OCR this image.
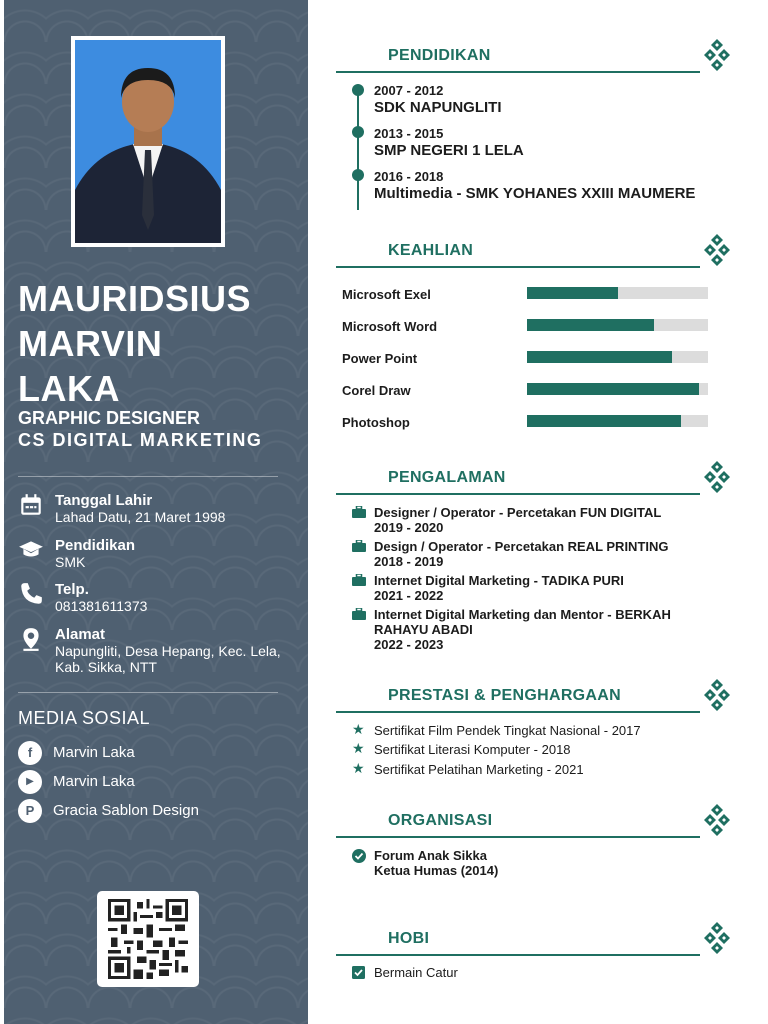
MAURIDSIUS
MARVIN
LAKA
GRAPHIC DESIGNER
CS DIGITAL MARKETING
Tanggal Lahir
Lahad Datu, 21 Maret 1998
Pendidikan
SMK
Telp.
081381611373
Alamat
Napungliti, Desa Hepang, Kec. Lela, Kab. Sikka, NTT
MEDIA SOSIAL
f	Marvin Laka
▶	Marvin Laka
P	Gracia Sablon Design
PENDIDIKAN
2007 - 2012
SDK NAPUNGLITI
2013 - 2015
SMP NEGERI 1 LELA
2016 - 2018
Multimedia - SMK YOHANES XXIII MAUMERE
KEAHLIAN
Microsoft Exel
Microsoft Word
Power Point
Corel Draw
Photoshop
PENGALAMAN
Designer / Operator - Percetakan FUN DIGITAL
2019 - 2020
Design / Operator - Percetakan REAL PRINTING
2018 - 2019
Internet Digital Marketing - TADIKA PURI
2021 - 2022
Internet Digital Marketing dan Mentor - BERKAH RAHAYU ABADI
2022 - 2023
PRESTASI & PENGHARGAAN
★ Sertifikat Film Pendek Tingkat Nasional - 2017
★ Sertifikat Literasi Komputer - 2018
★ Sertifikat Pelatihan Marketing - 2021
ORGANISASI
Forum Anak Sikka
Ketua Humas (2014)
HOBI
Bermain Catur
